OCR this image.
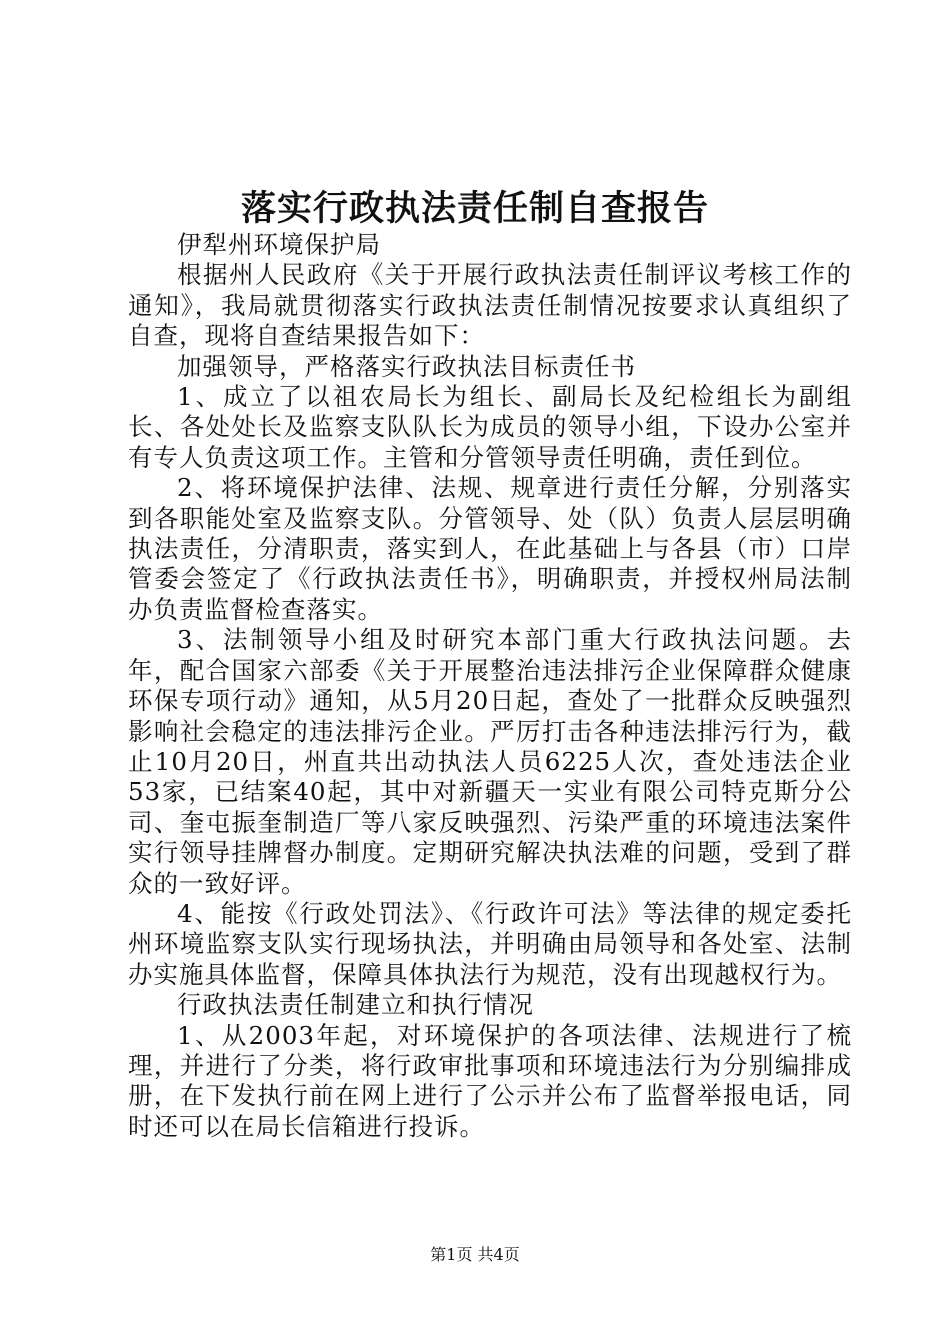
落实行政执法责任制自查报告

伊犁州环境保护局

根据州人民政府《关于开展行政执法责任制评议考核工作的通知》，我局就贯彻落实行政执法责任制情况按要求认真组织了自查，现将自查结果报告如下：

加强领导，严格落实行政执法目标责任书

1、成立了以祖农局长为组长、副局长及纪检组长为副组长、各处处长及监察支队队长为成员的领导小组，下设办公室并有专人负责这项工作。主管和分管领导责任明确，责任到位。

2、将环境保护法律、法规、规章进行责任分解，分别落实到各职能处室及监察支队。分管领导、处（队）负责人层层明确执法责任，分清职责，落实到人，在此基础上与各县（市）口岸管委会签定了《行政执法责任书》，明确职责，并授权州局法制办负责监督检查落实。

3、法制领导小组及时研究本部门重大行政执法问题。去年，配合国家六部委《关于开展整治违法排污企业保障群众健康环保专项行动》通知，从5月20日起，查处了一批群众反映强烈影响社会稳定的违法排污企业。严厉打击各种违法排污行为，截止10月20日，州直共出动执法人员6225人次，查处违法企业53家，已结案40起，其中对新疆天一实业有限公司特克斯分公司、奎屯振奎制造厂等八家反映强烈、污染严重的环境违法案件实行领导挂牌督办制度。定期研究解决执法难的问题，受到了群众的一致好评。

4、能按《行政处罚法》、《行政许可法》等法律的规定委托州环境监察支队实行现场执法，并明确由局领导和各处室、法制办实施具体监督，保障具体执法行为规范，没有出现越权行为。

行政执法责任制建立和执行情况

1、从2003年起，对环境保护的各项法律、法规进行了梳理，并进行了分类，将行政审批事项和环境违法行为分别编排成册，在下发执行前在网上进行了公示并公布了监督举报电话，同时还可以在局长信箱进行投诉。

第1页 共4页
